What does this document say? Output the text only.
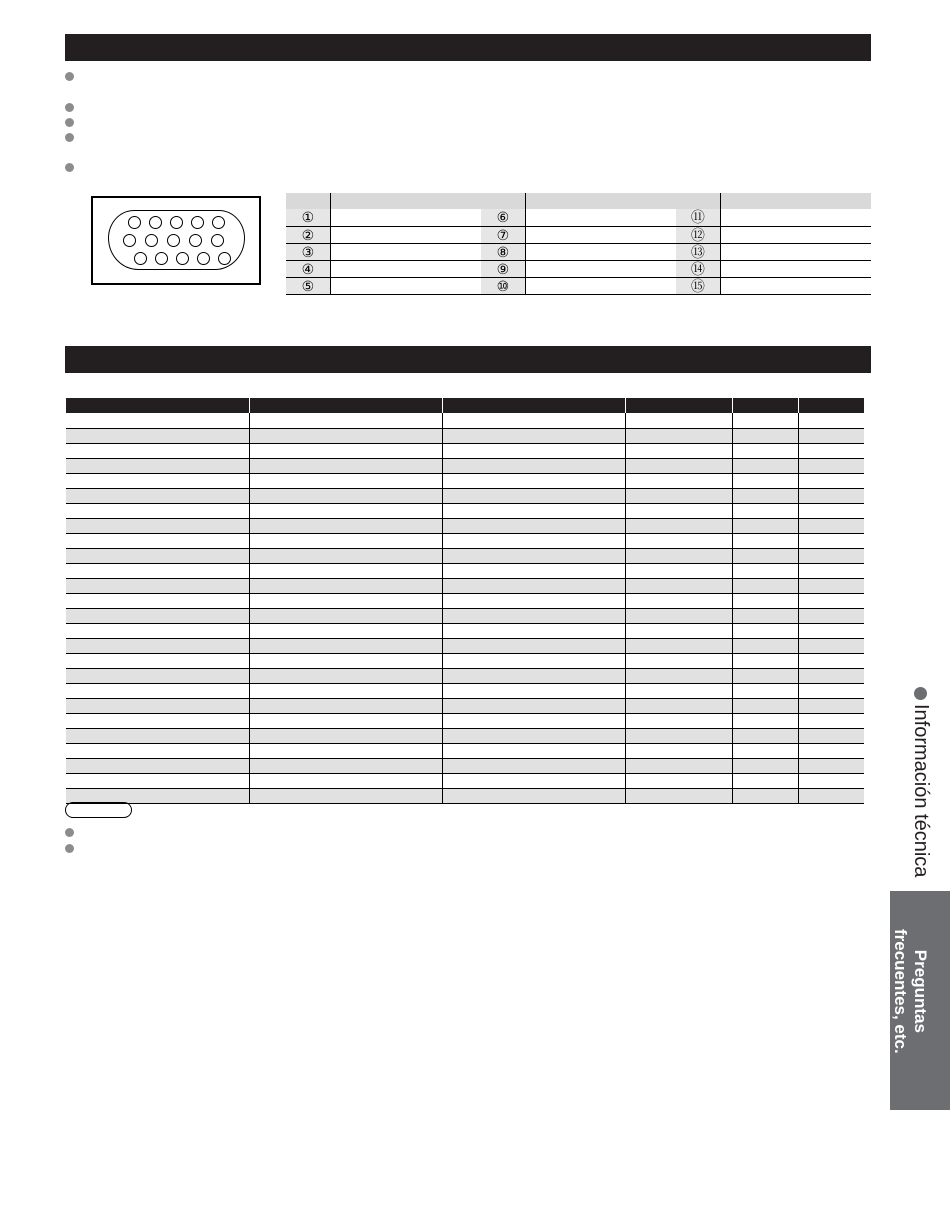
①		⑥		⑪	
②		⑦		⑫	
③		⑧		⑬	
④		⑨		⑭	
⑤		⑩		⑮	

Información técnica
Preguntas
frecuentes, etc.
